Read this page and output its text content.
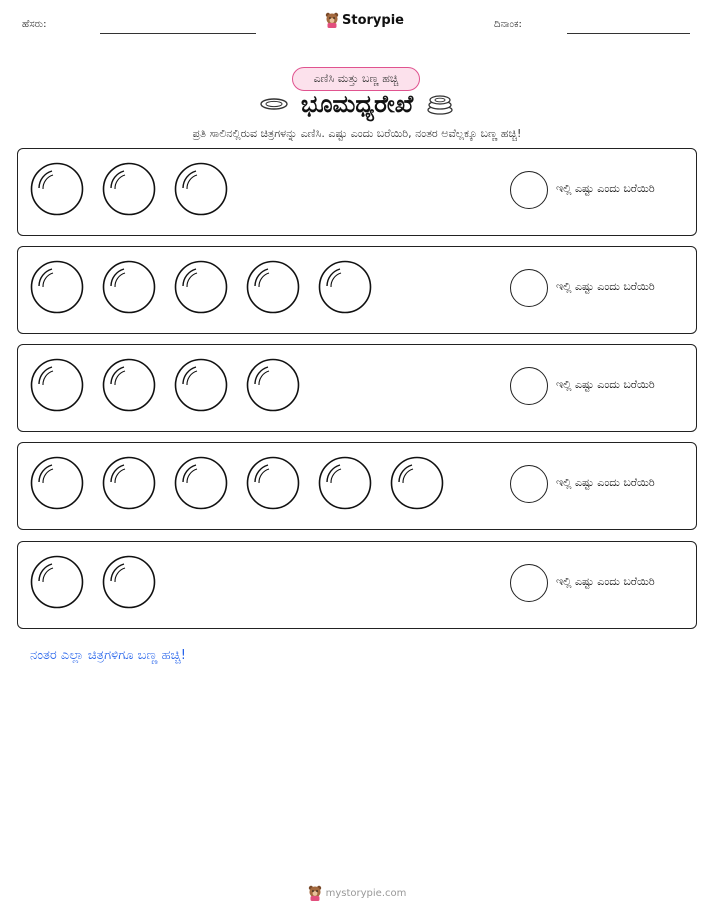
ಹೆಸರು:	Storypie	ದಿನಾಂಕ:
ಎಣಿಸಿ ಮತ್ತು ಬಣ್ಣ ಹಚ್ಚಿ
ಭೂಮಧ್ಯರೇಖೆ
ಪ್ರತಿ ಸಾಲಿನಲ್ಲಿರುವ ಚಿತ್ರಗಳನ್ನು ಎಣಿಸಿ. ಎಷ್ಟು ಎಂದು ಬರೆಯಿರಿ, ನಂತರ ಅವೆಲ್ಲಕ್ಕೂ ಬಣ್ಣ ಹಚ್ಚಿ!
ಇಲ್ಲಿ ಎಷ್ಟು ಎಂದು ಬರೆಯಿರಿ
ಇಲ್ಲಿ ಎಷ್ಟು ಎಂದು ಬರೆಯಿರಿ
ಇಲ್ಲಿ ಎಷ್ಟು ಎಂದು ಬರೆಯಿರಿ
ಇಲ್ಲಿ ಎಷ್ಟು ಎಂದು ಬರೆಯಿರಿ
ಇಲ್ಲಿ ಎಷ್ಟು ಎಂದು ಬರೆಯಿರಿ
ನಂತರ ಎಲ್ಲಾ ಚಿತ್ರಗಳಿಗೂ ಬಣ್ಣ ಹಚ್ಚಿ!
mystorypie.com
